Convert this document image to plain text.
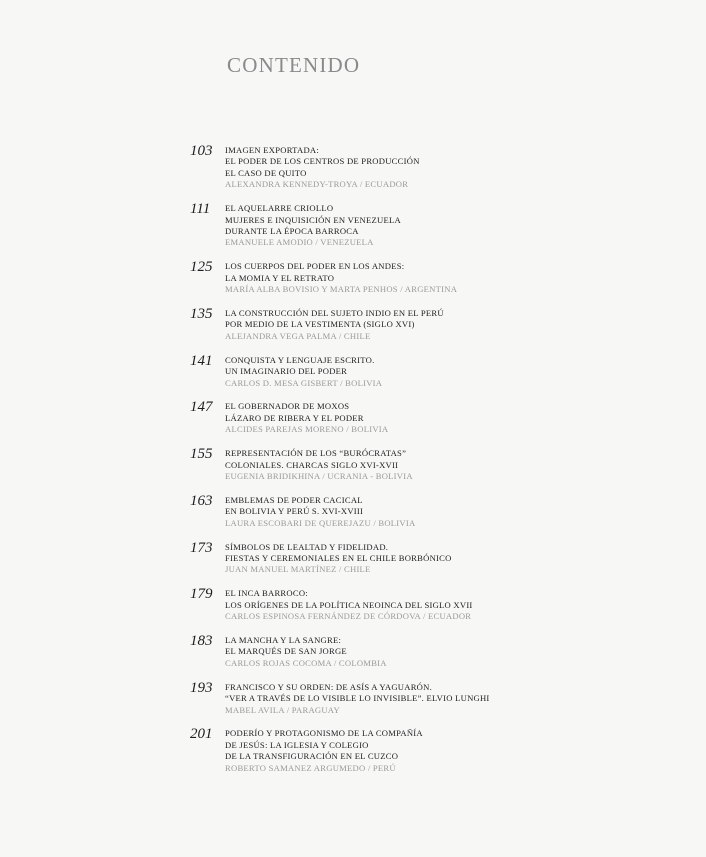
CONTENIDO
103 IMAGEN EXPORTADA:
EL PODER DE LOS CENTROS DE PRODUCCIÓN
EL CASO DE QUITO
ALEXANDRA KENNEDY-TROYA / ECUADOR
111 EL AQUELARRE CRIOLLO
MUJERES E INQUISICIÓN EN VENEZUELA
DURANTE LA ÉPOCA BARROCA
EMANUELE AMODIO / VENEZUELA
125 LOS CUERPOS DEL PODER EN LOS ANDES:
LA MOMIA Y EL RETRATO
MARÍA ALBA BOVISIO Y MARTA PENHOS / ARGENTINA
135 LA CONSTRUCCIÓN DEL SUJETO INDIO EN EL PERÚ
POR MEDIO DE LA VESTIMENTA (SIGLO XVI)
ALEJANDRA VEGA PALMA / CHILE
141 CONQUISTA Y LENGUAJE ESCRITO.
UN IMAGINARIO DEL PODER
CARLOS D. MESA GISBERT / BOLIVIA
147 EL GOBERNADOR DE MOXOS
LÁZARO DE RIBERA Y EL PODER
ALCIDES PAREJAS MORENO / BOLIVIA
155 REPRESENTACIÓN DE LOS “BURÓCRATAS”
COLONIALES. CHARCAS SIGLO XVI-XVII
EUGENIA BRIDIKHINA / UCRANIA - BOLIVIA
163 EMBLEMAS DE PODER CACICAL
EN BOLIVIA Y PERÚ S. XVI-XVIII
LAURA ESCOBARI DE QUEREJAZU / BOLIVIA
173 SÍMBOLOS DE LEALTAD Y FIDELIDAD.
FIESTAS Y CEREMONIALES EN EL CHILE BORBÓNICO
JUAN MANUEL MARTÍNEZ / CHILE
179 EL INCA BARROCO:
LOS ORÍGENES DE LA POLÍTICA NEOINCA DEL SIGLO XVII
CARLOS ESPINOSA FERNÁNDEZ DE CÓRDOVA / ECUADOR
183 LA MANCHA Y LA SANGRE:
EL MARQUÉS DE SAN JORGE
CARLOS ROJAS COCOMA / COLOMBIA
193 FRANCISCO Y SU ORDEN: DE ASÍS A YAGUARÓN.
“VER A TRAVÉS DE LO VISIBLE LO INVISIBLE”. ELVIO LUNGHI
MABEL AVILA / PARAGUAY
201 PODERÍO Y PROTAGONISMO DE LA COMPAÑÍA
DE JESÚS: LA IGLESIA Y COLEGIO
DE LA TRANSFIGURACIÓN EN EL CUZCO
ROBERTO SAMANEZ ARGUMEDO / PERÚ
